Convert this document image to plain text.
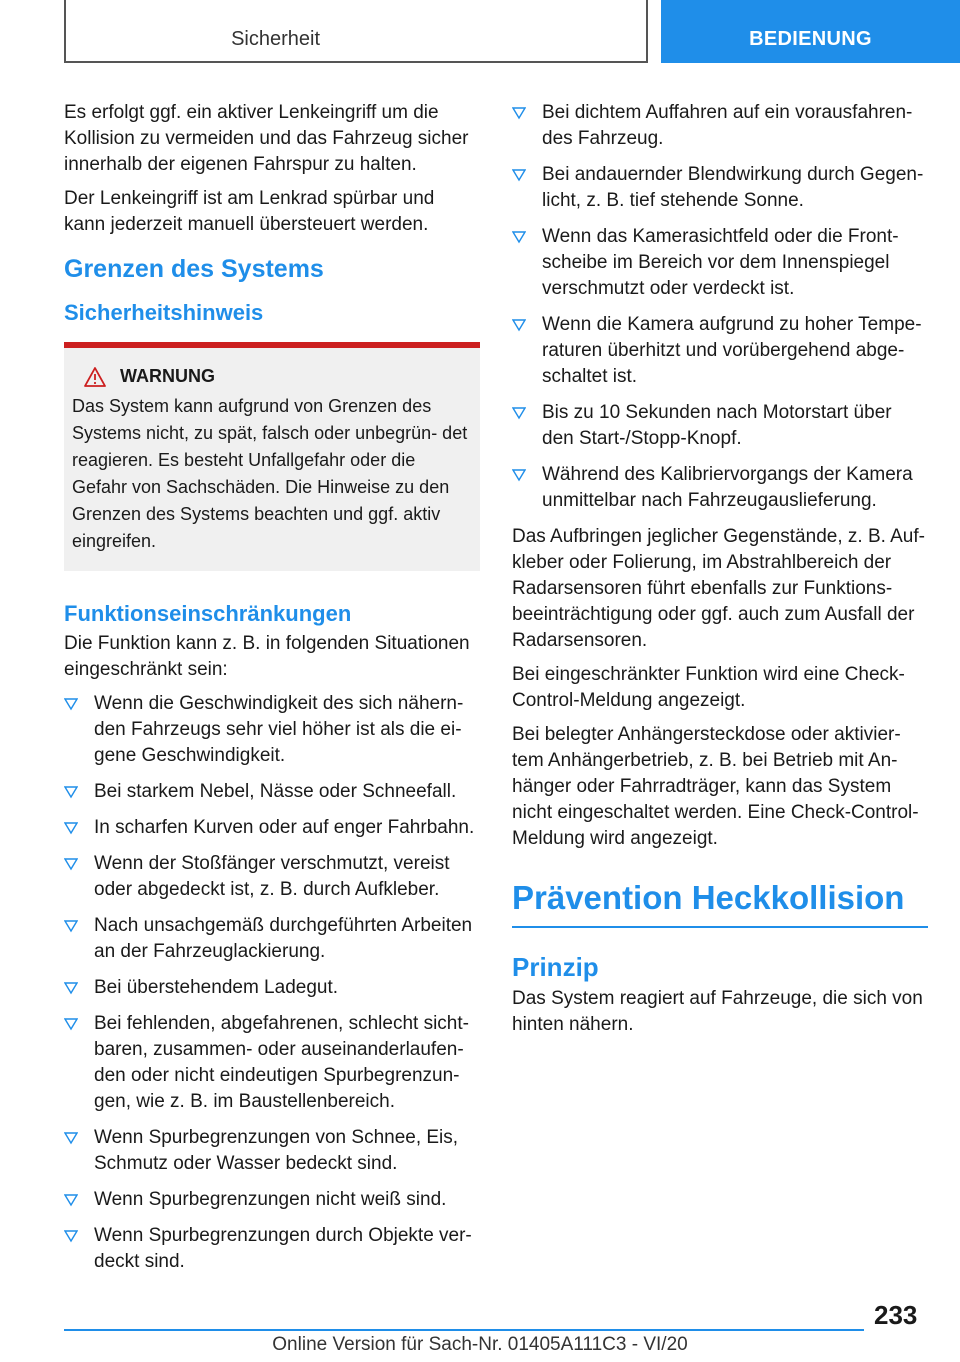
Sicherheit	BEDIENUNG

Es erfolgt ggf. ein aktiver Lenkeingriff um die Kollision zu vermeiden und das Fahrzeug sicher innerhalb der eigenen Fahrspur zu halten.

Der Lenkeingriff ist am Lenkrad spürbar und kann jederzeit manuell übersteuert werden.

Grenzen des Systems
Sicherheitshinweis
WARNUNG

Das System kann aufgrund von Grenzen des Systems nicht, zu spät, falsch oder unbegrün- det reagieren. Es besteht Unfallgefahr oder die Gefahr von Sachschäden. Die Hinweise zu den Grenzen des Systems beachten und ggf. aktiv eingreifen.

Funktionseinschränkungen

Die Funktion kann z. B. in folgenden Situationen eingeschränkt sein:

Wenn die Geschwindigkeit des sich nähern- den Fahrzeugs sehr viel höher ist als die ei- gene Geschwindigkeit.
Bei starkem Nebel, Nässe oder Schneefall.
In scharfen Kurven oder auf enger Fahrbahn.
Wenn der Stoßfänger verschmutzt, vereist oder abgedeckt ist, z. B. durch Aufkleber.
Nach unsachgemäß durchgeführten Arbeiten an der Fahrzeuglackierung.
Bei überstehendem Ladegut.
Bei fehlenden, abgefahrenen, schlecht sicht- baren, zusammen- oder auseinanderlaufen- den oder nicht eindeutigen Spurbegrenzun- gen, wie z. B. im Baustellenbereich.
Wenn Spurbegrenzungen von Schnee, Eis, Schmutz oder Wasser bedeckt sind.
Wenn Spurbegrenzungen nicht weiß sind.
Wenn Spurbegrenzungen durch Objekte ver- deckt sind.
Bei dichtem Auffahren auf ein vorausfahren- des Fahrzeug.
Bei andauernder Blendwirkung durch Gegen- licht, z. B. tief stehende Sonne.
Wenn das Kamerasichtfeld oder die Front- scheibe im Bereich vor dem Innenspiegel verschmutzt oder verdeckt ist.
Wenn die Kamera aufgrund zu hoher Tempe- raturen überhitzt und vorübergehend abge- schaltet ist.
Bis zu 10 Sekunden nach Motorstart über den Start-/Stopp-Knopf.
Während des Kalibriervorgangs der Kamera unmittelbar nach Fahrzeugauslieferung.

Das Aufbringen jeglicher Gegenstände, z. B. Auf- kleber oder Folierung, im Abstrahlbereich der Radarsensoren führt ebenfalls zur Funktions- beeinträchtigung oder ggf. auch zum Ausfall der Radarsensoren.

Bei eingeschränkter Funktion wird eine Check- Control-Meldung angezeigt.

Bei belegter Anhängersteckdose oder aktivier- tem Anhängerbetrieb, z. B. bei Betrieb mit An- hänger oder Fahrradträger, kann das System nicht eingeschaltet werden. Eine Check-Control- Meldung wird angezeigt.

Prävention Heckkollision
Prinzip

Das System reagiert auf Fahrzeuge, die sich von hinten nähern.

233
Online Version für Sach-Nr. 01405A111C3 - VI/20
